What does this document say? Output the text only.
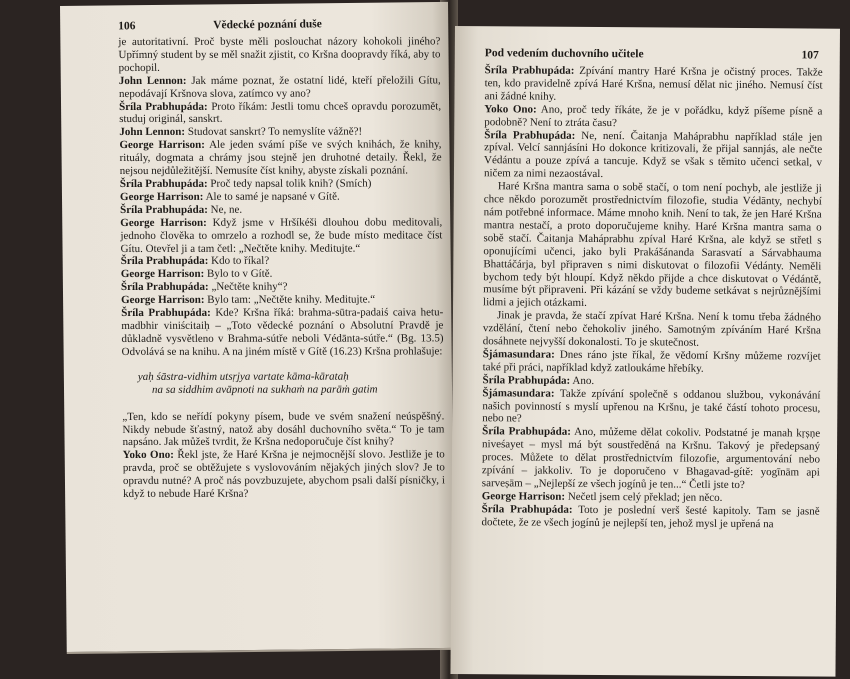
106	Vědecké poznání duše

je autoritativní. Proč byste měli poslouchat názory kohokoli jiného? Upřímný student by se měl snažit zjistit, co Kršna doopravdy říká, aby to pochopil.

John Lennon: Jak máme poznat, že ostatní lidé, kteří přeložili Gítu, nepodávají Kršnova slova, zatímco vy ano?

Šríla Prabhupáda: Proto říkám: Jestli tomu chceš opravdu porozumět, studuj originál, sanskrt.

John Lennon: Studovat sanskrt? To nemyslíte vážně?!

George Harrison: Ale jeden svámí píše ve svých knihách, že knihy, rituály, dogmata a chrámy jsou stejně jen druhotné detaily. Řekl, že nejsou nejdůležitější. Nemusíte číst knihy, abyste získali poznání.

Šríla Prabhupáda: Proč tedy napsal tolik knih? (Smích)

George Harrison: Ale to samé je napsané v Gítě.

Šríla Prabhupáda: Ne, ne.

George Harrison: Když jsme v Hršíkéši dlouhou dobu meditovali, jednoho člověka to omrzelo a rozhodl se, že bude místo meditace číst Gítu. Otevřel ji a tam četl: „Nečtěte knihy. Meditujte.“

Šríla Prabhupáda: Kdo to říkal?

George Harrison: Bylo to v Gítě.

Šríla Prabhupáda: „Nečtěte knihy“?

George Harrison: Bylo tam: „Nečtěte knihy. Meditujte.“

Šríla Prabhupáda: Kde? Kršna říká: brahma-sūtra-padaiś caiva hetu-madbhir viniścitaiḥ – „Toto vědecké poznání o Absolutní Pravdě je důkladně vysvětleno v Brahma-sútře neboli Védānta-sútře.“ (Bg. 13.5) Odvolává se na knihu. A na jiném místě v Gítě (16.23) Kršna prohlašuje:

yaḥ śāstra-vidhim utsṛjya vartate kāma-kārataḥ
na sa siddhim avāpnoti na sukhaṁ na parāṁ gatim

„Ten, kdo se neřídí pokyny písem, bude ve svém snažení neúspěšný. Nikdy nebude šťastný, natož aby dosáhl duchovního světa.“ To je tam napsáno. Jak můžeš tvrdit, že Kršna nedoporučuje číst knihy?

Yoko Ono: Řekl jste, že Haré Kršna je nejmocnější slovo. Jestliže je to pravda, proč se obtěžujete s vyslovováním nějakých jiných slov? Je to opravdu nutné? A proč nás povzbuzujete, abychom psali další písničky, i když to nebude Haré Kršna?

Pod vedením duchovního učitele	107

Šríla Prabhupáda: Zpívání mantry Haré Kršna je očistný proces. Takže ten, kdo pravidelně zpívá Haré Kršna, nemusí dělat nic jiného. Nemusí číst ani žádné knihy.

Yoko Ono: Ano, proč tedy říkáte, že je v pořádku, když píšeme písně a podobně? Není to ztráta času?

Šríla Prabhupáda: Ne, není. Čaitanja Maháprabhu například stále jen zpíval. Velcí sannjásíni Ho dokonce kritizovali, že přijal sannjás, ale nečte Védántu a pouze zpívá a tancuje. Když se však s těmito učenci setkal, v ničem za nimi nezaostával.

Haré Kršna mantra sama o sobě stačí, o tom není pochyb, ale jestliže ji chce někdo porozumět prostřednictvím filozofie, studia Védānty, nechybí nám potřebné informace. Máme mnoho knih. Není to tak, že jen Haré Kršna mantra nestačí, a proto doporučujeme knihy. Haré Kršna mantra sama o sobě stačí. Čaitanja Maháprabhu zpíval Haré Kršna, ale když se střetl s oponujícími učenci, jako byli Prakášánanda Sarasvatí a Sárvabhauma Bhattáčárja, byl připraven s nimi diskutovat o filozofii Védánty. Neměli bychom tedy být hloupí. Když někdo přijde a chce diskutovat o Védántě, musíme být připraveni. Při kázání se vždy budeme setkávat s nejrůznějšími lidmi a jejich otázkami.

Jinak je pravda, že stačí zpívat Haré Kršna. Není k tomu třeba žádného vzdělání, čtení nebo čehokoliv jiného. Samotným zpíváním Haré Kršna dosáhnete nejvyšší dokonalosti. To je skutečnost.

Šjámasundara: Dnes ráno jste říkal, že vědomí Kršny můžeme rozvíjet také při práci, například když zatloukáme hřebíky.

Šríla Prabhupáda: Ano.

Šjámasundara: Takže zpívání společně s oddanou službou, vykonávání našich povinností s myslí upřenou na Kršnu, je také částí tohoto procesu, nebo ne?

Šríla Prabhupáda: Ano, můžeme dělat cokoliv. Podstatné je manah kṛṣṇe niveśayet – mysl má být soustředěná na Kršnu. Takový je předepsaný proces. Můžete to dělat prostřednictvím filozofie, argumentování nebo zpívání – jakkoliv. To je doporučeno v Bhagavad-gítě: yogīnām api sarveṣām – „Nejlepší ze všech jogínů je ten...“ Četli jste to?

George Harrison: Nečetl jsem celý překlad; jen něco.

Šríla Prabhupáda: Toto je poslední verš šesté kapitoly. Tam se jasně dočtete, že ze všech jogínů je nejlepší ten, jehož mysl je upřená na
